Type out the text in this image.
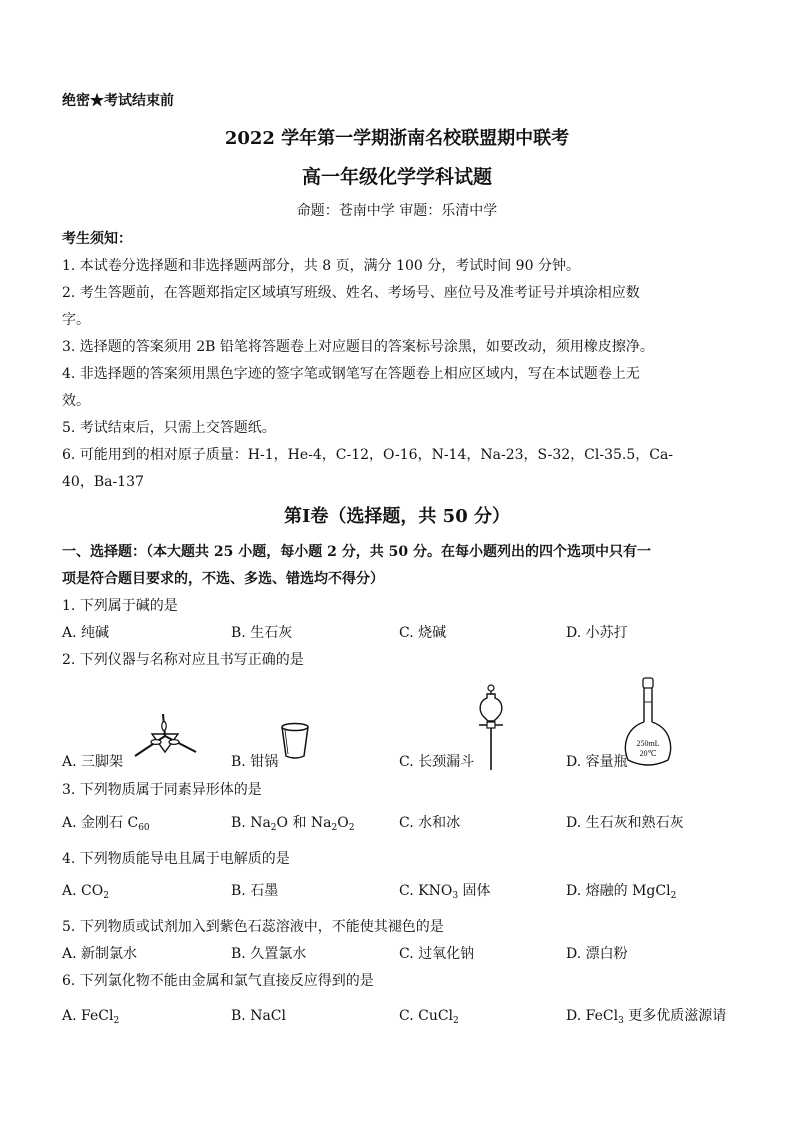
绝密★考试结束前
2022 学年第一学期浙南名校联盟期中联考
高一年级化学学科试题
命题：苍南中学 审题：乐清中学
考生须知：
1. 本试卷分选择题和非选择题两部分，共 8 页，满分 100 分，考试时间 90 分钟。
2. 考生答题前，在答题郑指定区域填写班级、姓名、考场号、座位号及准考证号并填涂相应数
字。
3. 选择题的答案须用 2B 铅笔将答题卷上对应题目的答案标号涂黑，如要改动，须用橡皮擦净。
4. 非选择题的答案须用黑色字迹的签字笔或钢笔写在答题卷上相应区域内，写在本试题卷上无
效。
5. 考试结束后，只需上交答题纸。
6. 可能用到的相对原子质量：H-1，He-4，C-12，O-16，N-14，Na-23，S-32，Cl-35.5，Ca-
40，Ba-137
第Ⅰ卷（选择题，共 50 分）
一、选择题：（本大题共 25 小题，每小题 2 分，共 50 分。在每小题列出的四个选项中只有一
项是符合题目要求的，不选、多选、错选均不得分）
1. 下列属于碱的是
A. 纯碱	B. 生石灰	C. 烧碱	D. 小苏打
2. 下列仪器与名称对应且书写正确的是
250mL
20℃
A. 三脚架	B. 钳锅	C. 长颈漏斗	D. 容量瓶
3. 下列物质属于同素异形体的是
A. 金刚石 $C_{60}$	B. $Na_2O$ 和 $Na_2O_2$	C. 水和冰	D. 生石灰和熟石灰
4. 下列物质能导电且属于电解质的是
A. $CO_2$	B. 石墨	C. $KNO_3$ 固体	D. 熔融的 MgCl$_2$
5. 下列物质或试剂加入到紫色石蕊溶液中，不能使其褪色的是
A. 新制氯水	B. 久置氯水	C. 过氧化钠	D. 漂白粉
6. 下列氯化物不能由金属和氯气直接反应得到的是
A. FeCl$_2$	B. NaCl	C. CuCl$_2$	D. FeCl$_3$ 更多优质滋源请
